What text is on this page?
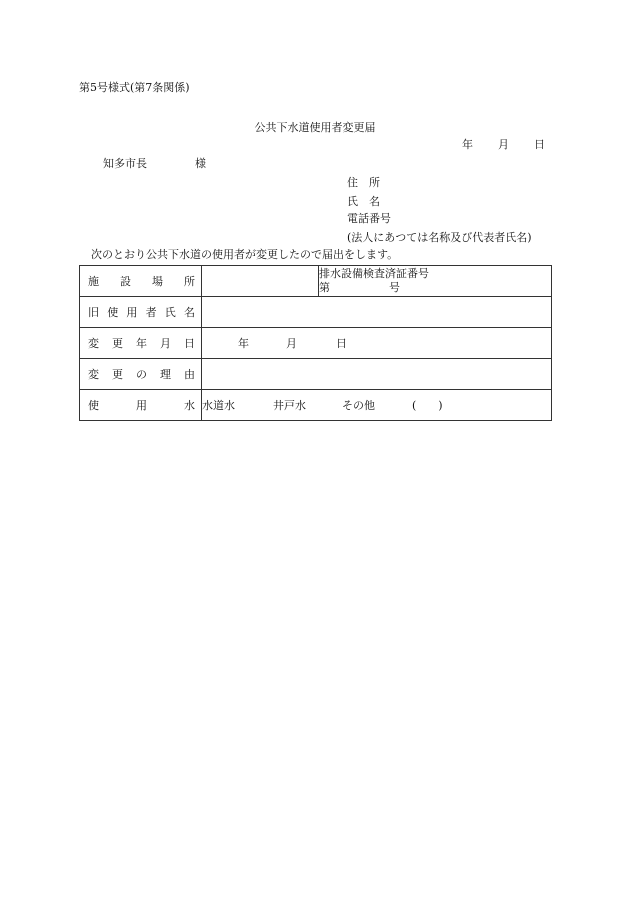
第5号様式(第7条関係)
公共下水道使用者変更届
年 月 日
知多市長	様
住　所
氏　名
電話番号
(法人にあつては名称及び代表者氏名)
次のとおり公共下水道の使用者が変更したので届出をします。
施　設　場　所		排水設備検査済証番号
第 号

旧使用者氏名		

変更年月日	年 月 日	

変更の理由		

使　用　水	水道水 井戸水 その他 (　　)	
